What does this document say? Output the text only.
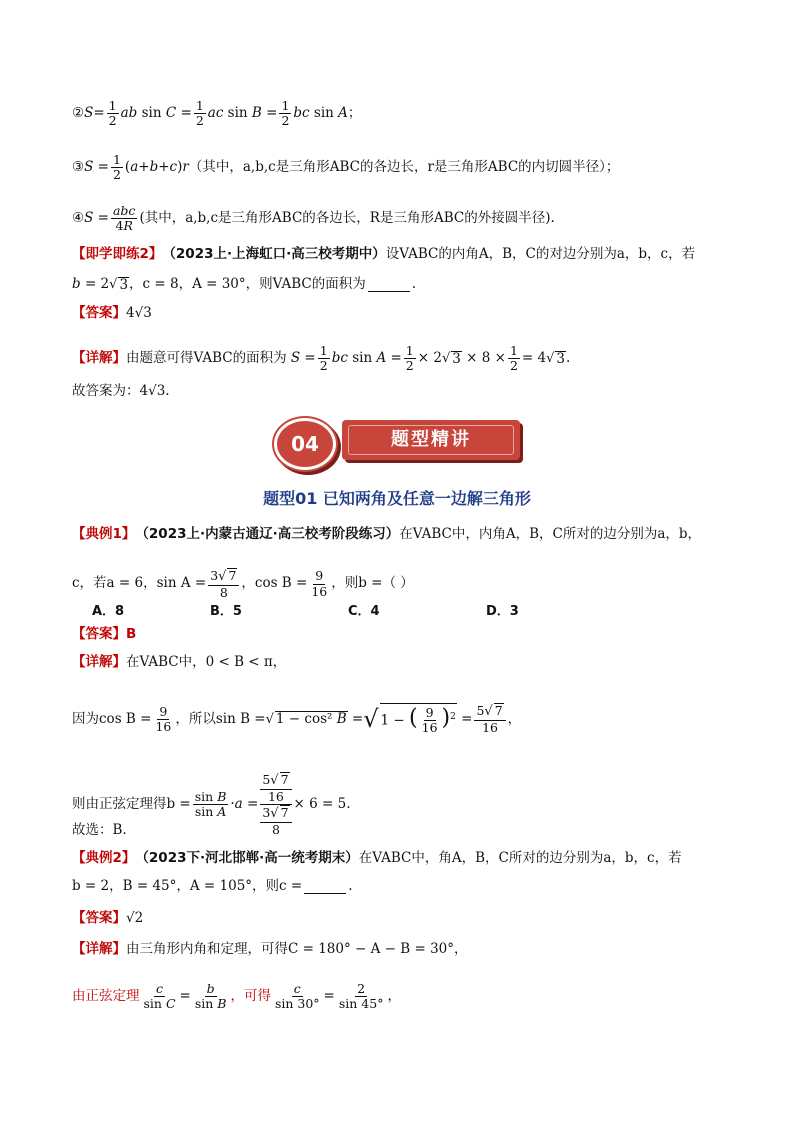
② $S = \frac{1}{2}$ ab $\sin C = \frac{1}{2}$ ac $\sin B = \frac{1}{2}$ bc sin A ；
③ $S = \frac{1}{2}$ ( a + b + c ) r （其中，a,b,c是三角形ABC的各边长，r是三角形ABC的内切圆半径）；
④ $S = \frac{\text{abc}}{4R}$ (其中，a,b,c是三角形ABC的各边长，R是三角形ABC的外接圆半径).
【即学即练2】 （2023上·上海虹口·高三校考期中） 设VABC的内角A，B，C的对边分别为a，b，c，若
b = 2 √ 3 ，c = 8，A = 30°，则VABC的面积为	.
【答案】 4√3
【详解】 由题意可得VABC的面积为
$S = \frac{1}{2}$ bc $\sin A = \frac{1}{2} \times 2$ √ $3 \times 8 \times \frac{1}{2} = 4$ √ 3 .
故答案为：4√3.
题型精讲
04
题型01 已知两角及任意一边解三角形
【典例1】 （2023上·内蒙古通辽·高三校考阶段练习） 在VABC中，内角A，B，C所对的边分别为a，b，
c，若a = 6，$\sin A = \frac{3√ 7}{8}$ ，$\cos B = \frac{9}{16}$ ，则b =（ ）
A．8	B．5	C．4	D．3
【答案】 B
【详解】 在VABC中，0 < B < π，
因为$\cos B = \frac{9}{16}$ ，所以sin B = √ 1 − cos² B = √ 1 − ( $\frac{9}{16} )^2 = \frac{5√ 7}{16}$ ，
则由正弦定理得$b = \frac{\text{sin B}}{\text{sin A}} \cdot a = \frac{\frac{5√ 7}{16}}{\frac{3√ 7}{8}} \times 6 = 5$.
故选：B.
【典例2】 （2023下·河北邯郸·高一统考期末） 在VABC中，角A，B，C所对的边分别为a，b，c，若
b = 2，B = 45°，A = 105°，则c =	.
【答案】 √2
【详解】 由三角形内角和定理，可得C = 180° − A − B = 30°，
由正弦定理 $\frac{c}{\text{sin C}} = \frac{b}{\text{sin B}}$ ，可得 $\frac{c}{\sin 30^\circ} = \frac{2}{\sin 45^\circ}$ ，
